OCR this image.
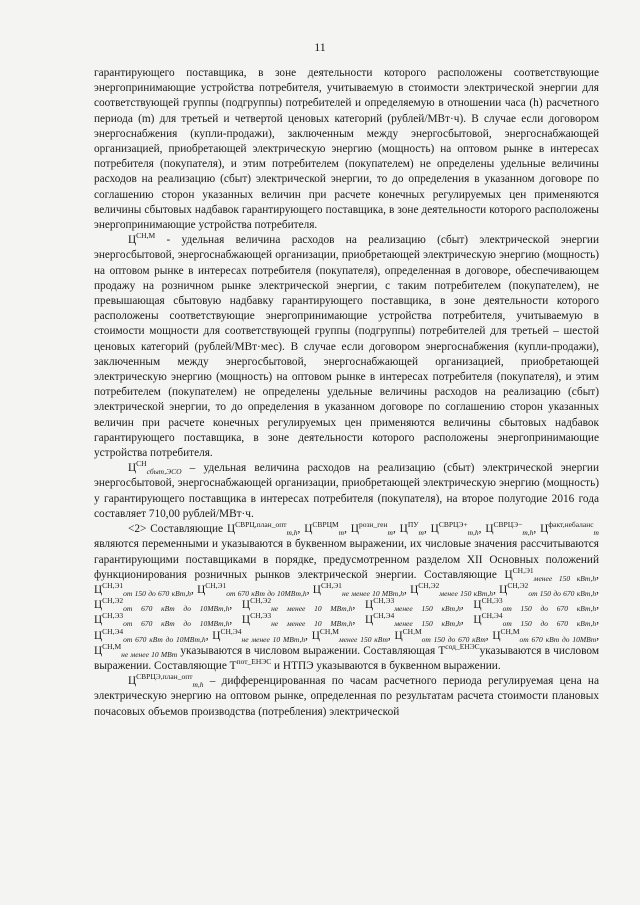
11

гарантирующего поставщика, в зоне деятельности которого расположены соответствующие энергопринимающие устройства потребителя, учитываемую в стоимости электрической энергии для соответствующей группы (подгруппы) потребителей и определяемую в отношении часа (h) расчетного периода (m) для третьей и четвертой ценовых категорий (рублей/МВт·ч). В случае если договором энергоснабжения (купли-продажи), заключенным между энергосбытовой, энергоснабжающей организацией, приобретающей электрическую энергию (мощность) на оптовом рынке в интересах потребителя (покупателя), и этим потребителем (покупателем) не определены удельные величины расходов на реализацию (сбыт) электрической энергии, то до определения в указанном договоре по соглашению сторон указанных величин при расчете конечных регулируемых цен применяются величины сбытовых надбавок гарантирующего поставщика, в зоне деятельности которого расположены энергопринимающие устройства потребителя.

$Ц^{СН,М}$ - удельная величина расходов на реализацию (сбыт) электрической энергии энергосбытовой, энергоснабжающей организации, приобретающей электрическую энергию (мощность) на оптовом рынке в интересах потребителя (покупателя), определенная в договоре, обеспечивающем продажу на розничном рынке электрической энергии, с таким потребителем (покупателем), не превышающая сбытовую надбавку гарантирующего поставщика, в зоне деятельности которого расположены соответствующие энергопринимающие устройства потребителя, учитываемую в стоимости мощности для соответствующей группы (подгруппы) потребителей для третьей – шестой ценовых категорий (рублей/МВт·мес). В случае если договором энергоснабжения (купли-продажи), заключенным между энергосбытовой, энергоснабжающей организацией, приобретающей электрическую энергию (мощность) на оптовом рынке в интересах потребителя (покупателя), и этим потребителем (покупателем) не определены удельные величины расходов на реализацию (сбыт) электрической энергии, то до определения в указанном договоре по соглашению сторон указанных величин при расчете конечных регулируемых цен применяются величины сбытовых надбавок гарантирующего поставщика, в зоне деятельности которого расположены энергопринимающие устройства потребителя.

$Ц^{СН}_{сбыт,ЭСО}$ – удельная величина расходов на реализацию (сбыт) электрической энергии энергосбытовой, энергоснабжающей организации, приобретающей электрическую энергию (мощность) у гарантирующего поставщика в интересах потребителя (покупателя), на второе полугодие 2016 года составляет 710,00 рублей/МВт·ч.

<2> Составляющие $Ц^{СВРЦ,план\_опт}_{m,h}$, $Ц^{СВРЦМ}_m$, $Ц^{розн\_ген}_m$, $Ц^{ПУ}_m$, $Ц^{СВРЦЭ+}_{m,h}$, $Ц^{СВРЦЭ-}_{m,h}$, $Ц^{факт,небаланс}_m$ являются переменными и указываются в буквенном выражении, их числовые значения рассчитываются гарантирующими поставщиками в порядке, предусмотренном разделом XII Основных положений функционирования розничных рынков электрической энергии. Составляющие $Ц^{СН,Э1}_{менее 150 кВт,h}$, $Ц^{СН,Э1}_{от 150 до 670 кВт,h}$, $Ц^{СН,Э1}_{от 670 кВт до 10МВт,h}$, $Ц^{СН,Э1}_{не менее 10 МВт,h}$, $Ц^{СН,Э2}_{менее 150 кВт,h}$, $Ц^{СН,Э2}_{от 150 до 670 кВт,h}$, $Ц^{СН,Э2}_{от 670 кВт до 10МВт,h}$, $Ц^{СН,Э2}_{не менее 10 МВт,h}$, $Ц^{СН,Э3}_{менее 150 кВт,h}$, $Ц^{СН,Э3}_{от 150 до 670 кВт,h}$, $Ц^{СН,Э3}_{от 670 кВт до 10МВт,h}$, $Ц^{СН,Э3}_{не менее 10 МВт,h}$, $Ц^{СН,Э4}_{менее 150 кВт,h}$, $Ц^{СН,Э4}_{от 150 до 670 кВт,h}$, $Ц^{СН,Э4}_{от 670 кВт до 10МВт,h}$, $Ц^{СН,Э4}_{не менее 10 МВт,h}$, $Ц^{СН,М}_{менее 150 кВт}$, $Ц^{СН,М}_{от 150 до 670 кВт}$, $Ц^{СН,М}_{от 670 кВт до 10МВт}$, $Ц^{СН,М}_{не менее 10 МВт}$ указываются в числовом выражении. Составляющая $Т^{сод\_ЕНЭС}указываются$ в числовом выражении. Составляющие $Т^{пот\_ЕНЭС}$ и НТПЭ указываются в буквенном выражении.

$Ц^{СВРЦЭ,план\_опт}_{m,h}$ – дифференцированная по часам расчетного периода регулируемая цена на электрическую энергию на оптовом рынке, определенная по результатам расчета стоимости плановых почасовых объемов производства (потребления) электрической
